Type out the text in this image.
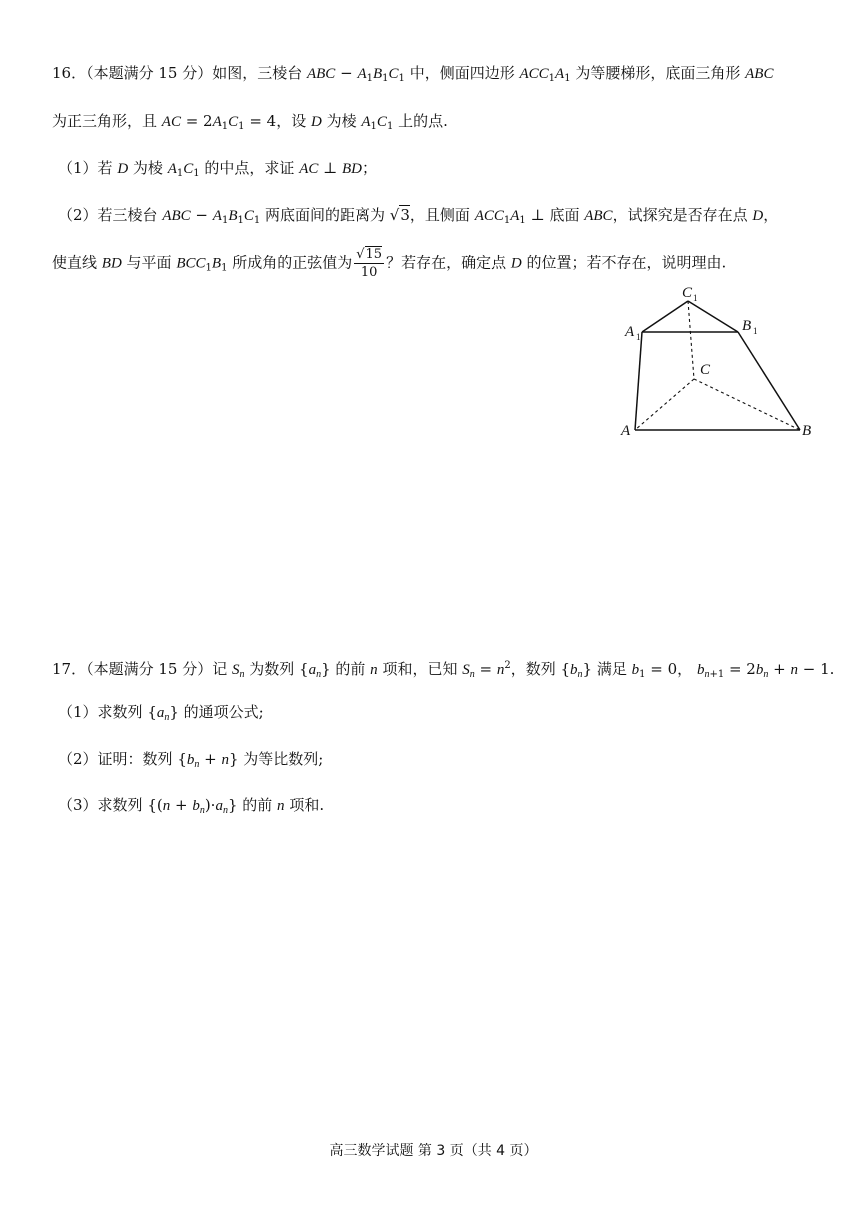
16．（本题满分 15 分）如图，三棱台 ABC − $A_1B_1C_1$ 中，侧面四边形 $ACC_1A_1$ 为等腰梯形，底面三角形 ABC
为正三角形，且 AC = $2A_1C_1 = 4$，设 D 为棱 $A_1C_1$ 上的点.
（1）若 D 为棱 $A_1C_1$ 的中点，求证 AC ⊥ BD；
（2）若三棱台 ABC − $A_1B_1C_1$ 两底面间的距离为 √3，且侧面 $ACC_1A_1$ ⊥ 底面 ABC，试探究是否存在点 D，
使直线 BD 与平面 $BCC_1B_1$ 所成角的正弦值为 $\frac{√15}{10}$ ？若存在，确定点 D 的位置；若不存在，说明理由.
C 1
A 1
B 1
C
A	B
17．（本题满分 15 分）记 $S_n$ 为数列 $\{a_n\}$ 的前 n 项和，已知 $S_n = n^2$，数列 $\{b_n\}$ 满足 $b_1 = 0$， $b_{n+1} = 2b_n + n - 1$.
（1）求数列 $\{a_n\}$ 的通项公式;
（2）证明：数列 $\{b_n + n\}$ 为等比数列;
（3）求数列 $\{(n + b_n)\cdot a_n\}$ 的前 n 项和.
高三数学试题 第 3 页（共 4 页）
